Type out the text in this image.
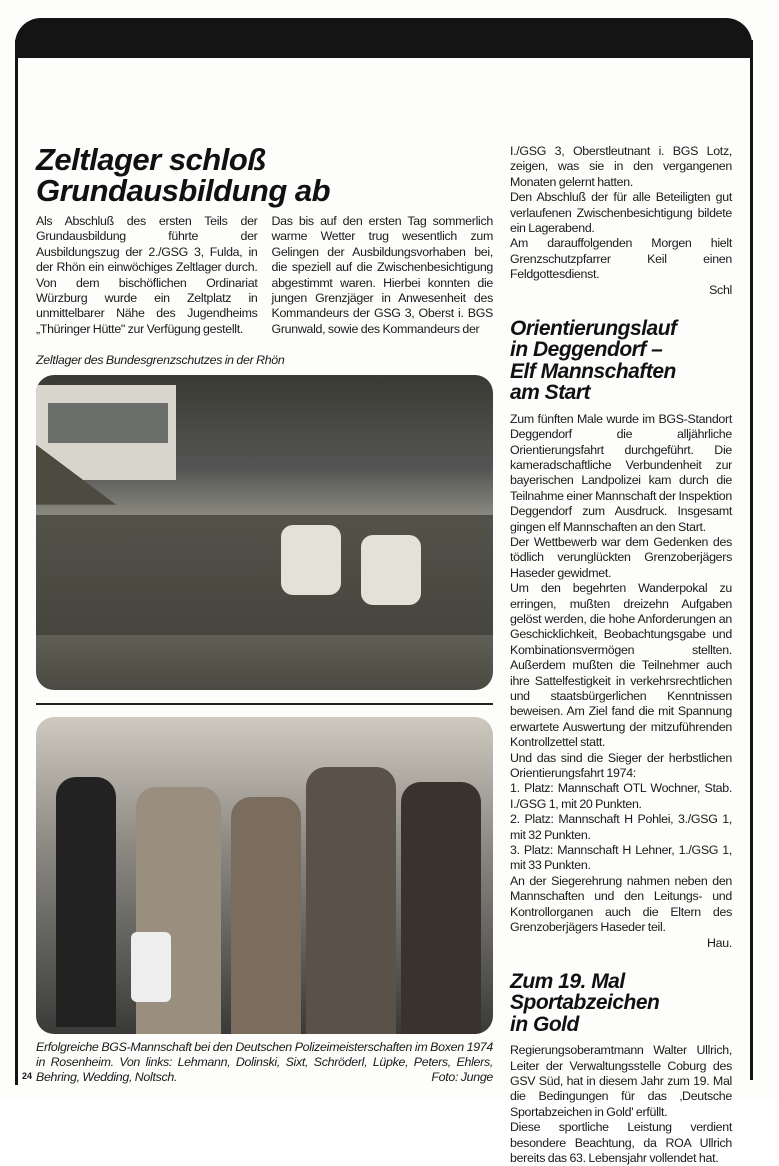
Zeltlager schloß
Grundausbildung ab

Als Abschluß des ersten Teils der Grundausbildung führte der Ausbildungszug der 2./GSG 3, Fulda, in der Rhön ein einwöchiges Zeltlager durch. Von dem bischöflichen Ordinariat Würzburg wurde ein Zeltplatz in unmittelbarer Nähe des Jugendheims „Thüringer Hütte" zur Verfügung gestellt.

Das bis auf den ersten Tag sommerlich warme Wetter trug wesentlich zum Gelingen der Ausbildungsvorhaben bei, die speziell auf die Zwischenbesichtigung abgestimmt waren. Hierbei konnten die jungen Grenzjäger in Anwesenheit des Kommandeurs der GSG 3, Oberst i. BGS Grunwald, sowie des Kommandeurs der

Zeltlager des Bundesgrenzschutzes in der Rhön
Erfolgreiche BGS-Mannschaft bei den Deutschen Polizeimeisterschaften im Boxen 1974 in Rosenheim. Von links: Lehmann, Dolinski, Sixt, Schröderl, Lüpke, Peters, Ehlers, Behring, Wedding, Noltsch.	Foto: Junge
24

I./GSG 3, Oberstleutnant i. BGS Lotz, zeigen, was sie in den vergangenen Monaten gelernt hatten.

Den Abschluß der für alle Beteiligten gut verlaufenen Zwischenbesichtigung bildete ein Lagerabend.

Am darauffolgenden Morgen hielt Grenzschutzpfarrer Keil einen Feldgottesdienst.

Schl

Orientierungslauf
in Deggendorf –
Elf Mannschaften
am Start

Zum fünften Male wurde im BGS-Standort Deggendorf die alljährliche Orientierungsfahrt durchgeführt. Die kameradschaftliche Verbundenheit zur bayerischen Landpolizei kam durch die Teilnahme einer Mannschaft der Inspektion Deggendorf zum Ausdruck. Insgesamt gingen elf Mannschaften an den Start.

Der Wettbewerb war dem Gedenken des tödlich verunglückten Grenzoberjägers Haseder gewidmet.

Um den begehrten Wanderpokal zu erringen, mußten dreizehn Aufgaben gelöst werden, die hohe Anforderungen an Geschicklichkeit, Beobachtungsgabe und Kombinationsvermögen stellten. Außerdem mußten die Teilnehmer auch ihre Sattelfestigkeit in verkehrsrechtlichen und staatsbürgerlichen Kenntnissen beweisen. Am Ziel fand die mit Spannung erwartete Auswertung der mitzuführenden Kontrollzettel statt.

Und das sind die Sieger der herbstlichen Orientierungsfahrt 1974:

1. Platz: Mannschaft OTL Wochner, Stab. I./GSG 1, mit 20 Punkten.

2. Platz: Mannschaft H Pohlei, 3./GSG 1, mit 32 Punkten.

3. Platz: Mannschaft H Lehner, 1./GSG 1, mit 33 Punkten.

An der Siegerehrung nahmen neben den Mannschaften und den Leitungs- und Kontrollorganen auch die Eltern des Grenzoberjägers Haseder teil.

Hau.

Zum 19. Mal
Sportabzeichen
in Gold

Regierungsoberamtmann Walter Ullrich, Leiter der Verwaltungsstelle Coburg des GSV Süd, hat in diesem Jahr zum 19. Mal die Bedingungen für das ‚Deutsche Sportabzeichen in Gold' erfüllt.

Diese sportliche Leistung verdient besondere Beachtung, da ROA Ullrich bereits das 63. Lebensjahr vollendet hat.
